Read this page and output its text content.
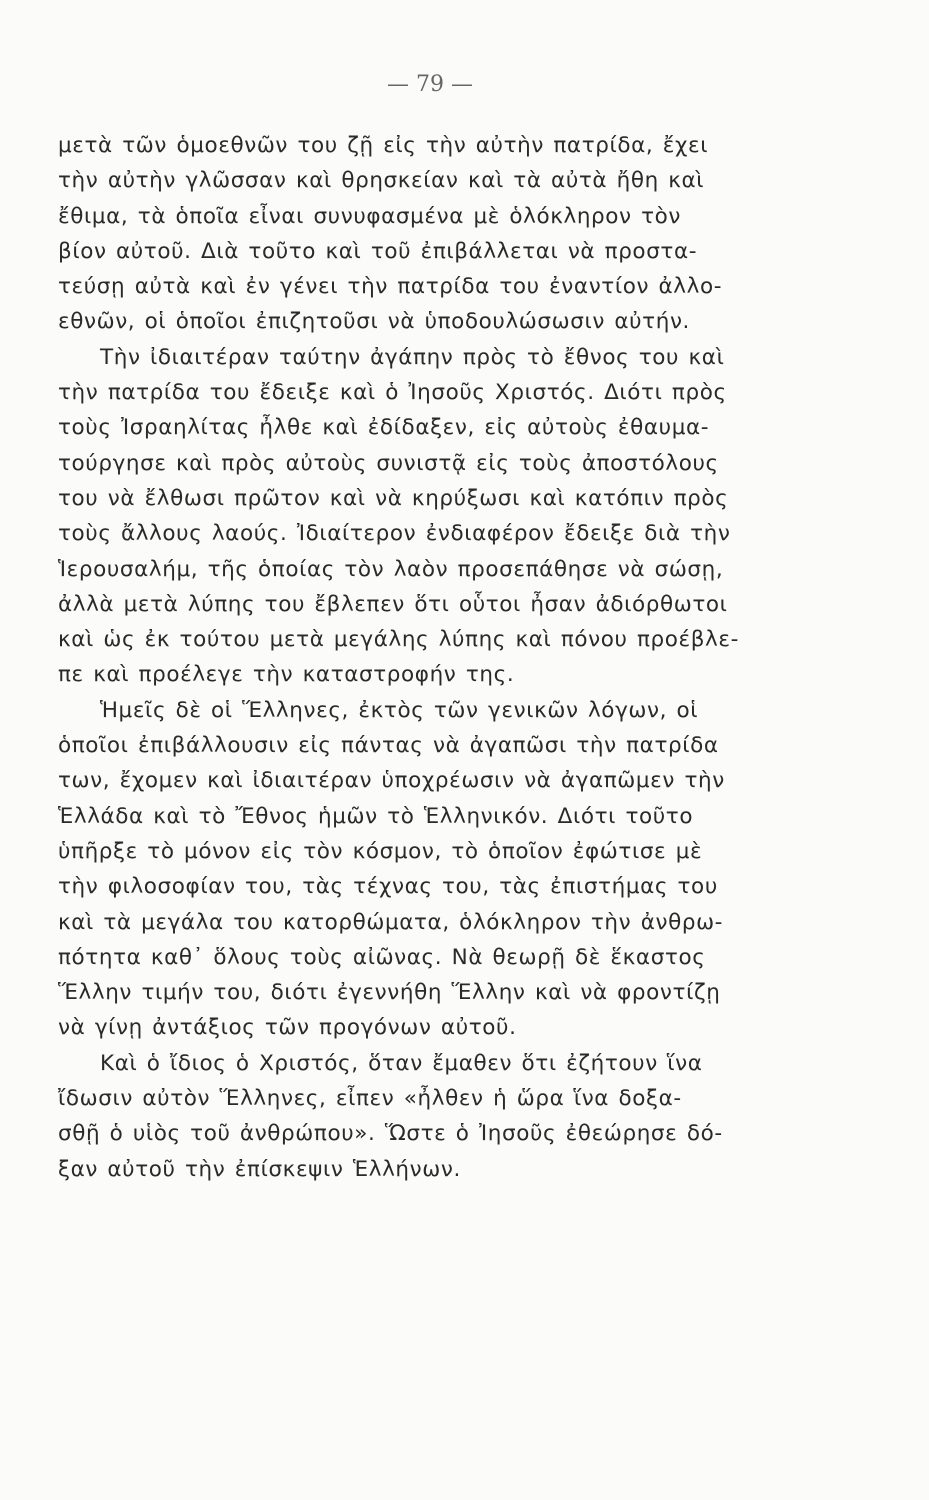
— 79 —
μετὰ τῶν ὁμοεθνῶν του ζῇ εἰς τὴν αὐτὴν πατρίδα, ἔχει
τὴν αὐτὴν γλῶσσαν καὶ θρησκείαν καὶ τὰ αὐτὰ ἤθη καὶ
ἔθιμα, τὰ ὁποῖα εἶναι συνυφασμένα μὲ ὁλόκληρον τὸν
βίον αὐτοῦ. Διὰ τοῦτο καὶ τοῦ ἐπιβάλλεται νὰ προστα-
τεύσῃ αὐτὰ καὶ ἐν γένει τὴν πατρίδα του ἐναντίον ἀλλο-
εθνῶν, οἱ ὁποῖοι ἐπιζητοῦσι νὰ ὑποδουλώσωσιν αὐτήν.
Τὴν ἰδιαιτέραν ταύτην ἀγάπην πρὸς τὸ ἔθνος του καὶ
τὴν πατρίδα του ἔδειξε καὶ ὁ Ἰησοῦς Χριστός. Διότι πρὸς
τοὺς Ἰσραηλίτας ἦλθε καὶ ἐδίδαξεν, εἰς αὐτοὺς ἐθαυμα-
τούργησε καὶ πρὸς αὐτοὺς συνιστᾷ εἰς τοὺς ἀποστόλους
του νὰ ἔλθωσι πρῶτον καὶ νὰ κηρύξωσι καὶ κατόπιν πρὸς
τοὺς ἄλλους λαούς. Ἰδιαίτερον ἐνδιαφέρον ἔδειξε διὰ τὴν
Ἱερουσαλήμ, τῆς ὁποίας τὸν λαὸν προσεπάθησε νὰ σώσῃ,
ἀλλὰ μετὰ λύπης του ἔβλεπεν ὅτι οὗτοι ἦσαν ἀδιόρθωτοι
καὶ ὡς ἐκ τούτου μετὰ μεγάλης λύπης καὶ πόνου προέβλε-
πε καὶ προέλεγε τὴν καταστροφήν της.
Ἡμεῖς δὲ οἱ Ἕλληνες, ἐκτὸς τῶν γενικῶν λόγων, οἱ
ὁποῖοι ἐπιβάλλουσιν εἰς πάντας νὰ ἀγαπῶσι τὴν πατρίδα
των, ἔχομεν καὶ ἰδιαιτέραν ὑποχρέωσιν νὰ ἀγαπῶμεν τὴν
Ἑλλάδα καὶ τὸ Ἔθνος ἡμῶν τὸ Ἑλληνικόν. Διότι τοῦτο
ὑπῆρξε τὸ μόνον εἰς τὸν κόσμον, τὸ ὁποῖον ἐφώτισε μὲ
τὴν φιλοσοφίαν του, τὰς τέχνας του, τὰς ἐπιστήμας του
καὶ τὰ μεγάλα του κατορθώματα, ὁλόκληρον τὴν ἀνθρω-
πότητα καθ᾿ ὅλους τοὺς αἰῶνας. Νὰ θεωρῇ δὲ ἕκαστος
Ἕλλην τιμήν του, διότι ἐγεννήθη Ἕλλην καὶ νὰ φροντίζῃ
νὰ γίνῃ ἀντάξιος τῶν προγόνων αὐτοῦ.
Καὶ ὁ ἴδιος ὁ Χριστός, ὅταν ἔμαθεν ὅτι ἐζήτουν ἵνα
ἴδωσιν αὐτὸν Ἕλληνες, εἶπεν «ἦλθεν ἡ ὥρα ἵνα δοξα-
σθῇ ὁ υἱὸς τοῦ ἀνθρώπου». Ὥστε ὁ Ἰησοῦς ἐθεώρησε δό-
ξαν αὐτοῦ τὴν ἐπίσκεψιν Ἑλλήνων.
